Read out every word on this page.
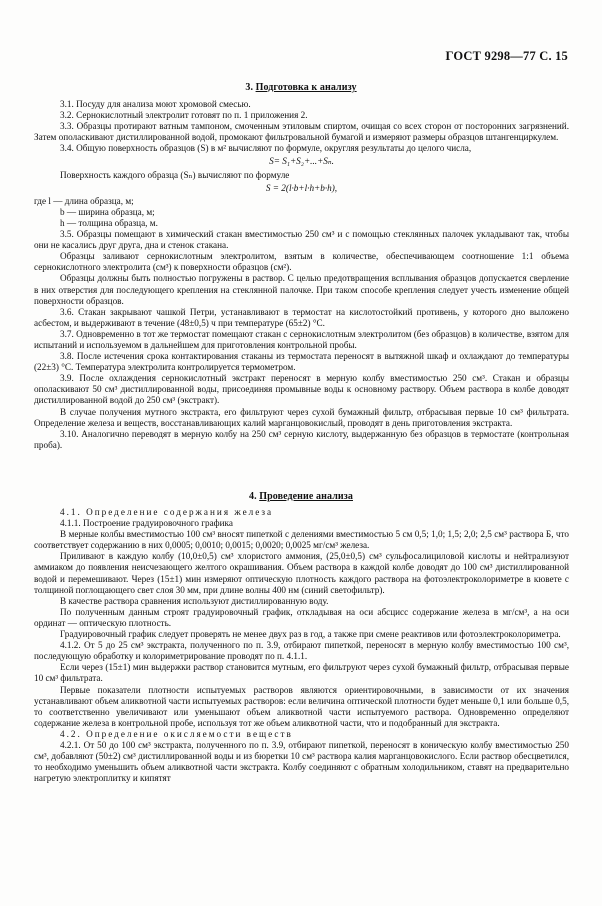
ГОСТ 9298—77 С. 15
3. Подготовка к анализу

3.1. Посуду для анализа моют хромовой смесью.

3.2. Сернокислотный электролит готовят по п. 1 приложения 2.

3.3. Образцы протирают ватным тампоном, смоченным этиловым спиртом, очищая со всех сторон от посторонних загрязнений. Затем ополаскивают дистиллированной водой, промокают фильтровальной бумагой и измеряют размеры образцов штангенциркулем.

3.4. Общую поверхность образцов (S) в м² вычисляют по формуле, округляя результаты до целого числа,

S= S₁+S₂+...+Sₙ.

Поверхность каждого образца (Sₙ) вычисляют по формуле

S = 2(l·b+l·h+b·h),

где l — длина образца, м;

b — ширина образца, м;

h — толщина образца, м.

3.5. Образцы помещают в химический стакан вместимостью 250 см³ и с помощью стеклянных палочек укладывают так, чтобы они не касались друг друга, дна и стенок стакана.

Образцы заливают сернокислотным электролитом, взятым в количестве, обеспечивающем соотношение 1:1 объема сернокислотного электролита (см³) к поверхности образцов (см²).

Образцы должны быть полностью погружены в раствор. С целью предотвращения всплывания образцов допускается сверление в них отверстия для последующего крепления на стеклянной палочке. При таком способе крепления следует учесть изменение общей поверхности образцов.

3.6. Стакан закрывают чашкой Петри, устанавливают в термостат на кислотостойкий противень, у которого дно выложено асбестом, и выдерживают в течение (48±0,5) ч при температуре (65±2) °С.

3.7. Одновременно в тот же термостат помещают стакан с сернокислотным электролитом (без образцов) в количестве, взятом для испытаний и используемом в дальнейшем для приготовления контрольной пробы.

3.8. После истечения срока контактирования стаканы из термостата переносят в вытяжной шкаф и охлаждают до температуры (22±3) °С. Температура электролита контролируется термометром.

3.9. После охлаждения сернокислотный экстракт переносят в мерную колбу вместимостью 250 см³. Стакан и образцы ополаскивают 50 см³ дистиллированной воды, присоединяя промывные воды к основному раствору. Объем раствора в колбе доводят дистиллированной водой до 250 см³ (экстракт).

В случае получения мутного экстракта, его фильтруют через сухой бумажный фильтр, отбрасывая первые 10 см³ фильтрата. Определение железа и веществ, восстанавливающих калий марганцовокислый, проводят в день приготовления экстракта.

3.10. Аналогично переводят в мерную колбу на 250 см³ серную кислоту, выдержанную без образцов в термостате (контрольная проба).

4. Проведение анализа

4.1. Определение содержания железа

4.1.1. Построение градуировочного графика

В мерные колбы вместимостью 100 см³ вносят пипеткой с делениями вместимостью 5 см 0,5; 1,0; 1,5; 2,0; 2,5 см³ раствора Б, что соответствует содержанию в них 0,0005; 0,0010; 0,0015; 0,0020; 0,0025 мг/см³ железа.

Приливают в каждую колбу (10,0±0,5) см³ хлористого аммония, (25,0±0,5) см³ сульфосалициловой кислоты и нейтрализуют аммиаком до появления неисчезающего желтого окрашивания. Объем раствора в каждой колбе доводят до 100 см³ дистиллированной водой и перемешивают. Через (15±1) мин измеряют оптическую плотность каждого раствора на фотоэлектроколориметре в кювете с толщиной поглощающего свет слоя 30 мм, при длине волны 400 нм (синий светофильтр).

В качестве раствора сравнения используют дистиллированную воду.

По полученным данным строят градуировочный график, откладывая на оси абсцисс содержание железа в мг/см³, а на оси ординат — оптическую плотность.

Градуировочный график следует проверять не менее двух раз в год, а также при смене реактивов или фотоэлектроколориметра.

4.1.2. От 5 до 25 см³ экстракта, полученного по п. 3.9, отбирают пипеткой, переносят в мерную колбу вместимостью 100 см³, последующую обработку и колориметрирование проводят по п. 4.1.1.

Если через (15±1) мин выдержки раствор становится мутным, его фильтруют через сухой бумажный фильтр, отбрасывая первые 10 см³ фильтрата.

Первые показатели плотности испытуемых растворов являются ориентировочными, в зависимости от их значения устанавливают объем аликвотной части испытуемых растворов: если величина оптической плотности будет меньше 0,1 или больше 0,5, то соответственно увеличивают или уменьшают объем аликвотной части испытуемого раствора. Одновременно определяют содержание железа в контрольной пробе, используя тот же объем аликвотной части, что и подобранный для экстракта.

4.2. Определение окисляемости веществ

4.2.1. От 50 до 100 см³ экстракта, полученного по п. 3.9, отбирают пипеткой, переносят в коническую колбу вместимостью 250 см³, добавляют (50±2) см³ дистиллированной воды и из бюретки 10 см³ раствора калия марганцовокислого. Если раствор обесцветился, то необходимо уменьшить объем аликвотной части экстракта. Колбу соединяют с обратным холодильником, ставят на предварительно нагретую электроплитку и кипятят
